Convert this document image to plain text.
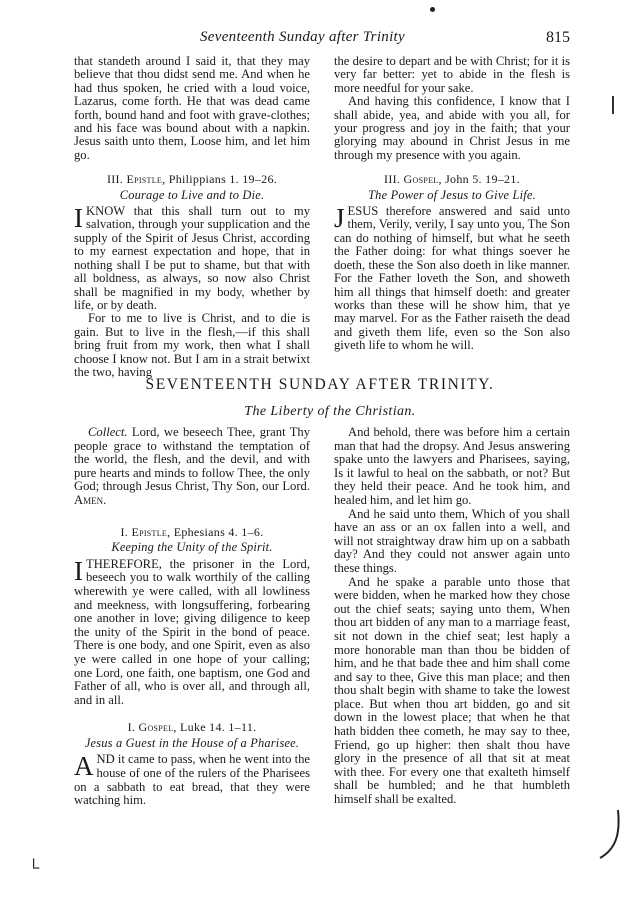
Seventeenth Sunday after Trinity	815

that standeth around I said it, that they may believe that thou didst send me. And when he had thus spoken, he cried with a loud voice, Lazarus, come forth. He that was dead came forth, bound hand and foot with grave-clothes; and his face was bound about with a napkin. Jesus saith unto them, Loose him, and let him go.

III. Epistle, Philippians 1. 19–26.
Courage to Live and to Die.

IKNOW that this shall turn out to my salvation, through your supplication and the supply of the Spirit of Jesus Christ, according to my earnest expectation and hope, that in nothing shall I be put to shame, but that with all boldness, as always, so now also Christ shall be magnified in my body, whether by life, or by death.

For to me to live is Christ, and to die is gain. But to live in the flesh,—if this shall bring fruit from my work, then what I shall choose I know not. But I am in a strait betwixt the two, having

the desire to depart and be with Christ; for it is very far better: yet to abide in the flesh is more needful for your sake.

And having this confidence, I know that I shall abide, yea, and abide with you all, for your progress and joy in the faith; that your glorying may abound in Christ Jesus in me through my presence with you again.

III. Gospel, John 5. 19–21.
The Power of Jesus to Give Life.

JESUS therefore answered and said unto them, Verily, verily, I say unto you, The Son can do nothing of himself, but what he seeth the Father doing: for what things soever he doeth, these the Son also doeth in like manner. For the Father loveth the Son, and showeth him all things that himself doeth: and greater works than these will he show him, that ye may marvel. For as the Father raiseth the dead and giveth them life, even so the Son also giveth life to whom he will.

SEVENTEENTH SUNDAY AFTER TRINITY.
The Liberty of the Christian.

Collect. Lord, we beseech Thee, grant Thy people grace to withstand the temptation of the world, the flesh, and the devil, and with pure hearts and minds to follow Thee, the only God; through Jesus Christ, Thy Son, our Lord. Amen.

I. Epistle, Ephesians 4. 1–6.
Keeping the Unity of the Spirit.

ITHEREFORE, the prisoner in the Lord, beseech you to walk worthily of the calling wherewith ye were called, with all lowliness and meekness, with longsuffering, forbearing one another in love; giving diligence to keep the unity of the Spirit in the bond of peace. There is one body, and one Spirit, even as also ye were called in one hope of your calling; one Lord, one faith, one baptism, one God and Father of all, who is over all, and through all, and in all.

I. Gospel, Luke 14. 1–11.
Jesus a Guest in the House of a Pharisee.

AND it came to pass, when he went into the house of one of the rulers of the Pharisees on a sabbath to eat bread, that they were watching him.

And behold, there was before him a certain man that had the dropsy. And Jesus answering spake unto the lawyers and Pharisees, saying, Is it lawful to heal on the sabbath, or not? But they held their peace. And he took him, and healed him, and let him go.

And he said unto them, Which of you shall have an ass or an ox fallen into a well, and will not straightway draw him up on a sabbath day? And they could not answer again unto these things.

And he spake a parable unto those that were bidden, when he marked how they chose out the chief seats; saying unto them, When thou art bidden of any man to a marriage feast, sit not down in the chief seat; lest haply a more honorable man than thou be bidden of him, and he that bade thee and him shall come and say to thee, Give this man place; and then thou shalt begin with shame to take the lowest place. But when thou art bidden, go and sit down in the lowest place; that when he that hath bidden thee cometh, he may say to thee, Friend, go up higher: then shalt thou have glory in the presence of all that sit at meat with thee. For every one that exalteth himself shall be humbled; and he that humbleth himself shall be exalted.

└
